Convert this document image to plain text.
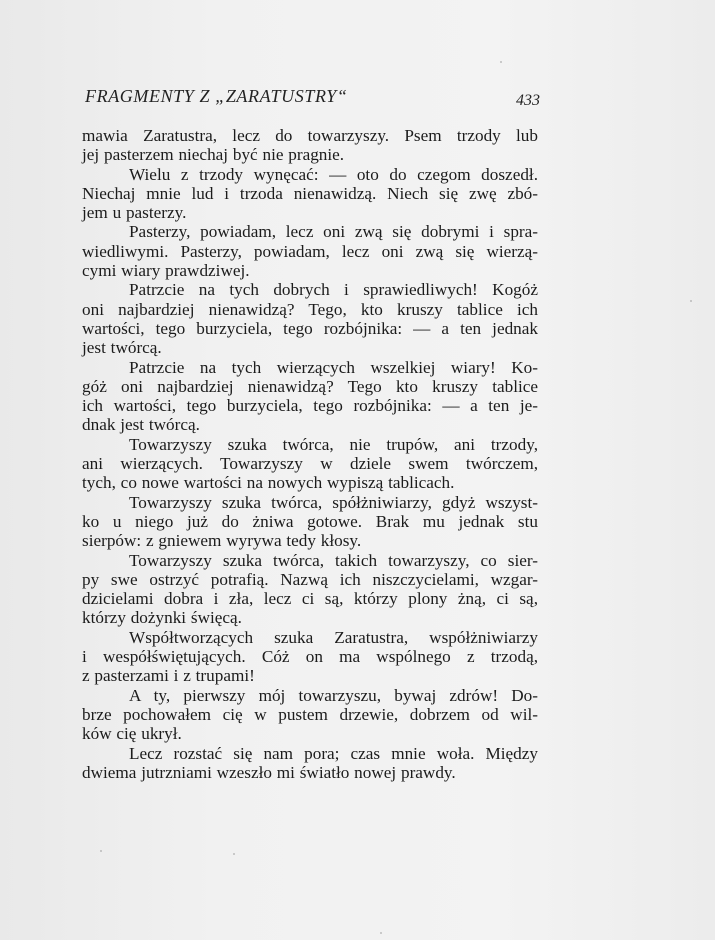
FRAGMENTY Z „ZARATUSTRY“	433
mawia Zaratustra, lecz do towarzyszy. Psem trzody lub
jej pasterzem niechaj być nie pragnie.
Wielu z trzody wynęcać: — oto do czegom doszedł.
Niechaj mnie lud i trzoda nienawidzą. Niech się zwę zbó-
jem u pasterzy.
Pasterzy, powiadam, lecz oni zwą się dobrymi i spra-
wiedliwymi. Pasterzy, powiadam, lecz oni zwą się wierzą-
cymi wiary prawdziwej.
Patrzcie na tych dobrych i sprawiedliwych! Kogóż
oni najbardziej nienawidzą? Tego, kto kruszy tablice ich
wartości, tego burzyciela, tego rozbójnika: — a ten jednak
jest twórcą.
Patrzcie na tych wierzących wszelkiej wiary! Ko-
góż oni najbardziej nienawidzą? Tego kto kruszy tablice
ich wartości, tego burzyciela, tego rozbójnika: — a ten je-
dnak jest twórcą.
Towarzyszy szuka twórca, nie trupów, ani trzody,
ani wierzących. Towarzyszy w dziele swem twórczem,
tych, co nowe wartości na nowych wypiszą tablicach.
Towarzyszy szuka twórca, spółżniwiarzy, gdyż wszyst-
ko u niego już do żniwa gotowe. Brak mu jednak stu
sierpów: z gniewem wyrywa tedy kłosy.
Towarzyszy szuka twórca, takich towarzyszy, co sier-
py swe ostrzyć potrafią. Nazwą ich niszczycielami, wzgar-
dzicielami dobra i zła, lecz ci są, którzy plony żną, ci są,
którzy dożynki święcą.
Współtworzących szuka Zaratustra, współżniwiarzy
i wespółświętujących. Cóż on ma wspólnego z trzodą,
z pasterzami i z trupami!
A ty, pierwszy mój towarzyszu, bywaj zdrów! Do-
brze pochowałem cię w pustem drzewie, dobrzem od wil-
ków cię ukrył.
Lecz rozstać się nam pora; czas mnie woła. Między
dwiema jutrzniami wzeszło mi światło nowej prawdy.
